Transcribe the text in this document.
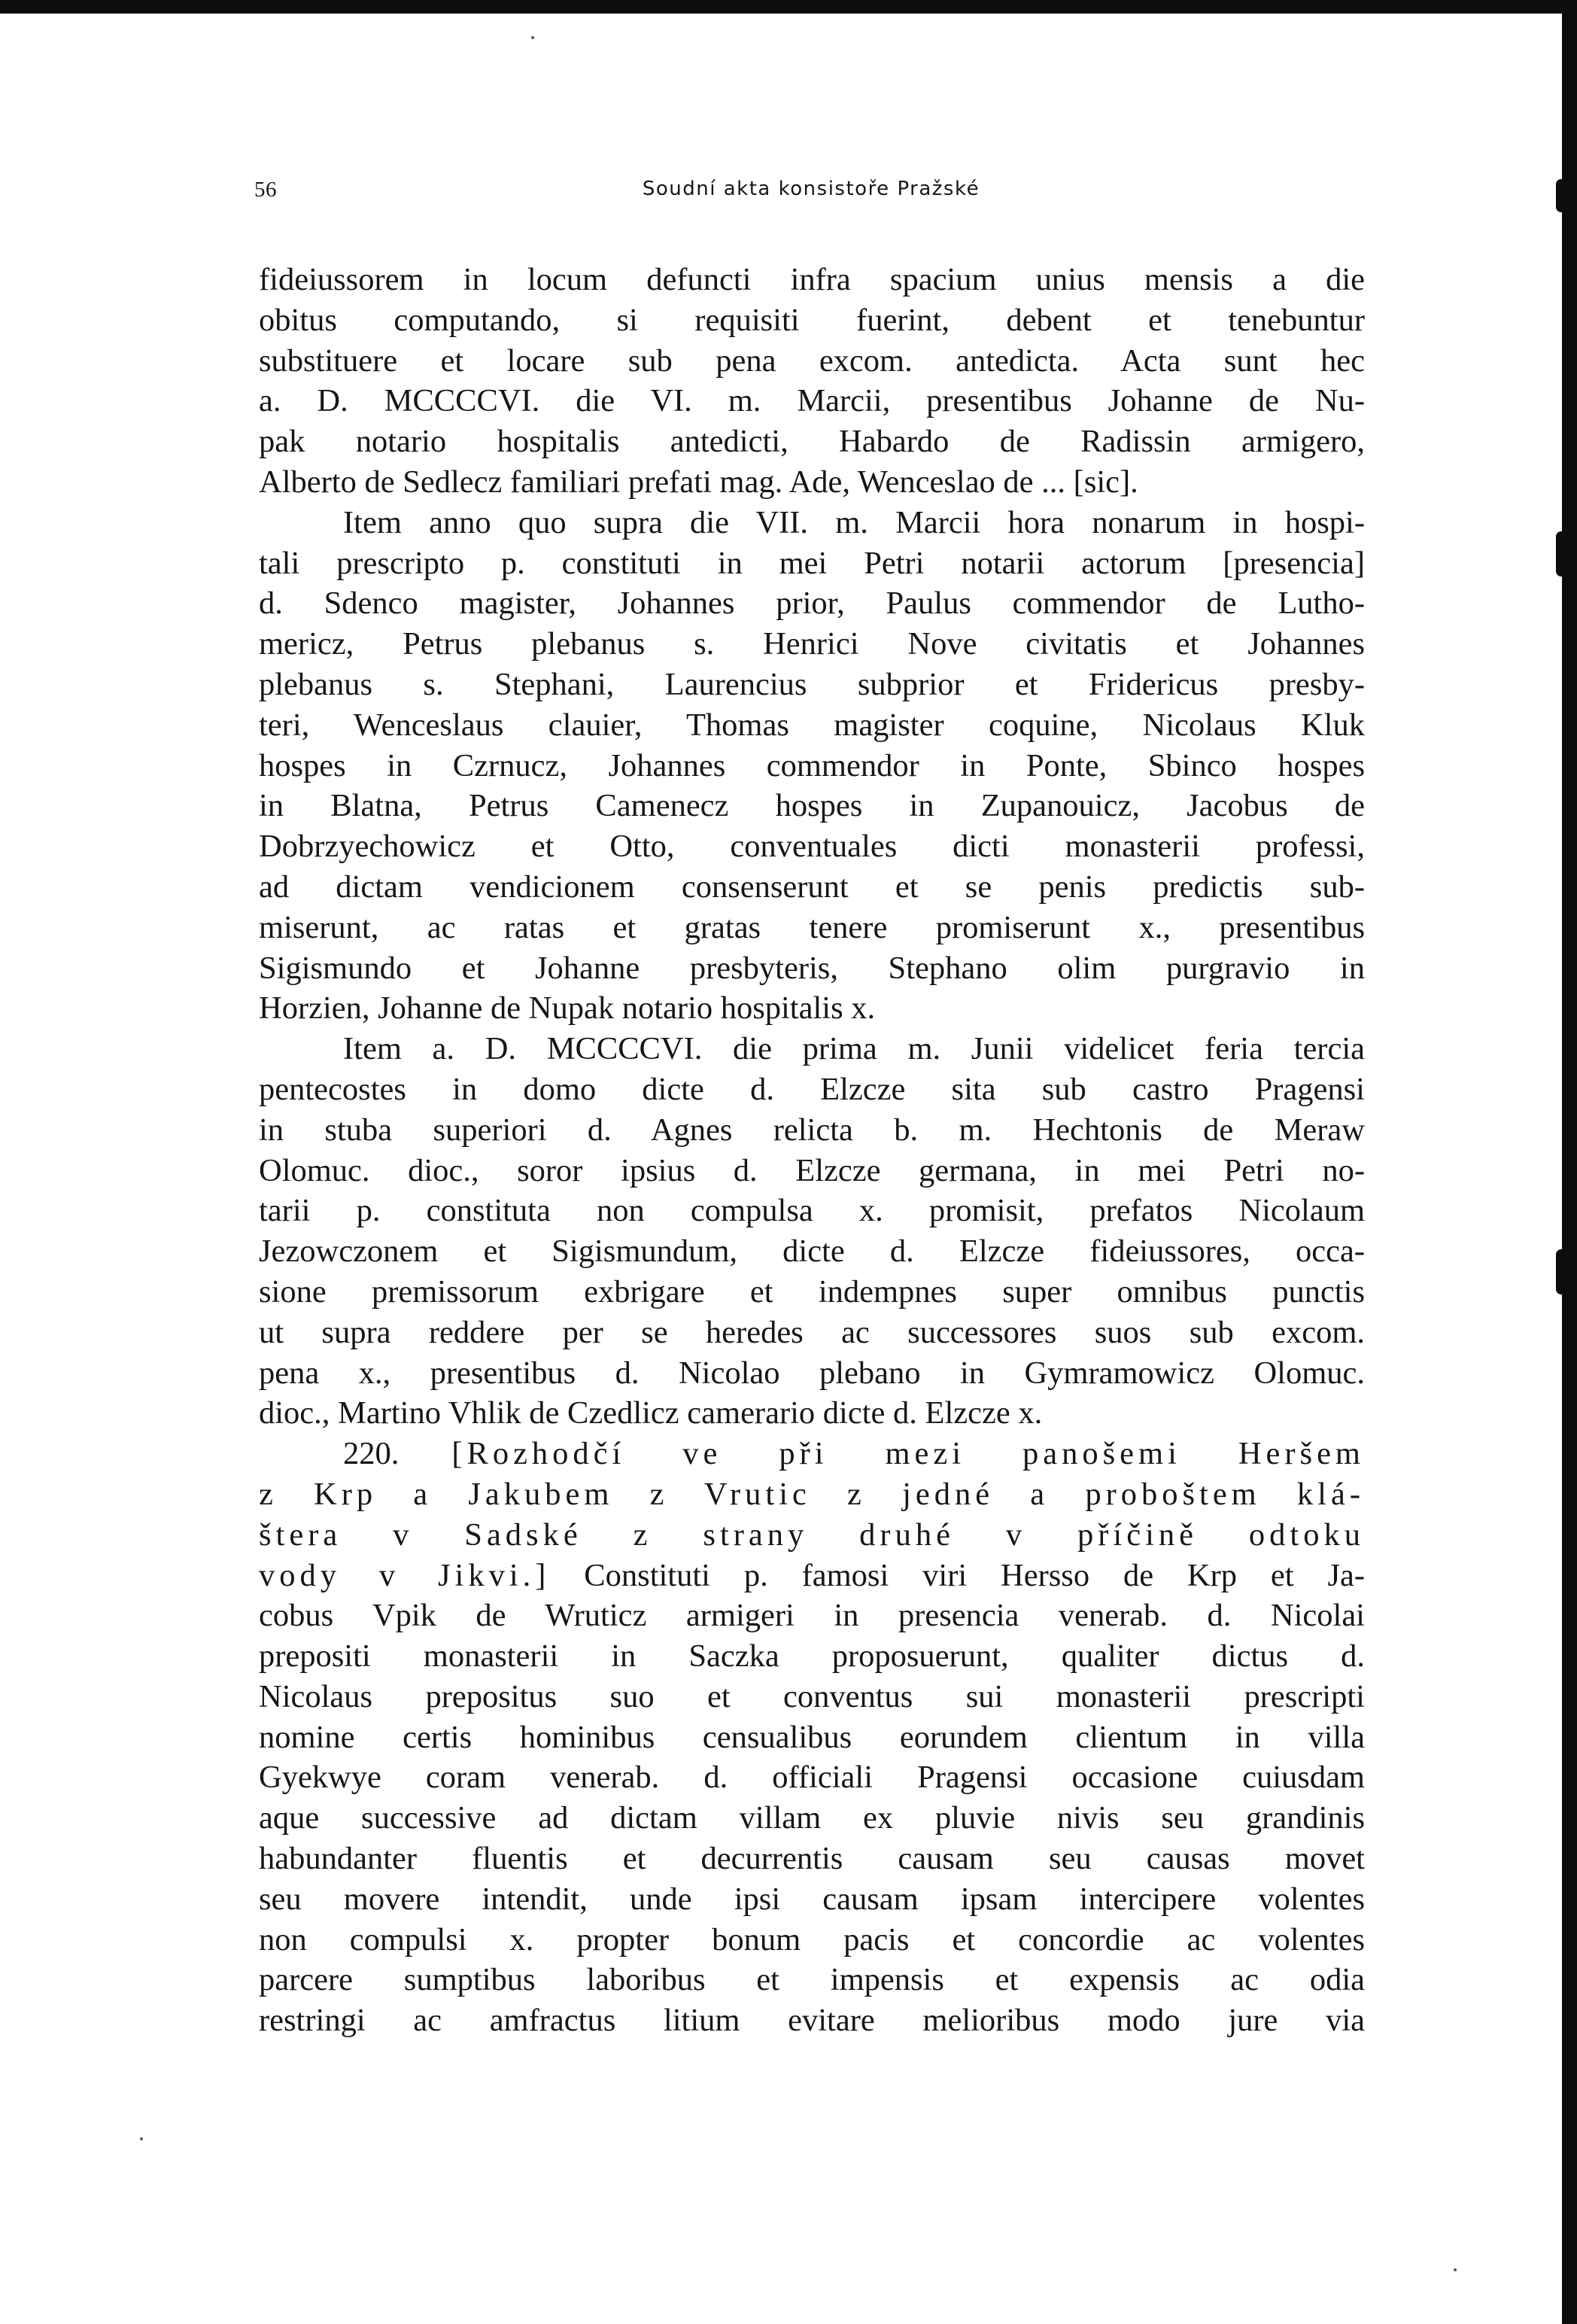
56	Soudní akta konsistoře Pražské
fideiussorem in locum defuncti infra spacium unius mensis a die
obitus computando, si requisiti fuerint, debent et tenebuntur
substituere et locare sub pena excom. antedicta. Acta sunt hec
a. D. MCCCCVI. die VI. m. Marcii, presentibus Johanne de Nu-
pak notario hospitalis antedicti, Habardo de Radissin armigero,
Alberto de Sedlecz familiari prefati mag. Ade, Wenceslao de ... [sic].
Item anno quo supra die VII. m. Marcii hora nonarum in hospi-
tali prescripto p. constituti in mei Petri notarii actorum [presencia]
d. Sdenco magister, Johannes prior, Paulus commendor de Lutho-
mericz, Petrus plebanus s. Henrici Nove civitatis et Johannes
plebanus s. Stephani, Laurencius subprior et Fridericus presby-
teri, Wenceslaus clauier, Thomas magister coquine, Nicolaus Kluk
hospes in Czrnucz, Johannes commendor in Ponte, Sbinco hospes
in Blatna, Petrus Camenecz hospes in Zupanouicz, Jacobus de
Dobrzyechowicz et Otto, conventuales dicti monasterii professi,
ad dictam vendicionem consenserunt et se penis predictis sub-
miserunt, ac ratas et gratas tenere promiserunt x., presentibus
Sigismundo et Johanne presbyteris, Stephano olim purgravio in
Horzien, Johanne de Nupak notario hospitalis x.
Item a. D. MCCCCVI. die prima m. Junii videlicet feria tercia
pentecostes in domo dicte d. Elzcze sita sub castro Pragensi
in stuba superiori d. Agnes relicta b. m. Hechtonis de Meraw
Olomuc. dioc., soror ipsius d. Elzcze germana, in mei Petri no-
tarii p. constituta non compulsa x. promisit, prefatos Nicolaum
Jezowczonem et Sigismundum, dicte d. Elzcze fideiussores, occa-
sione premissorum exbrigare et indempnes super omnibus punctis
ut supra reddere per se heredes ac successores suos sub excom.
pena x., presentibus d. Nicolao plebano in Gymramowicz Olomuc.
dioc., Martino Vhlik de Czedlicz camerario dicte d. Elzcze x.
220. [Rozhodčí ve při mezi panošemi Heršem
z Krp a Jakubem z Vrutic z jedné a proboštem klá-
štera v Sadské z strany druhé v příčině odtoku
vody v Jikvi.] Constituti p. famosi viri Hersso de Krp et Ja-
cobus Vpik de Wruticz armigeri in presencia venerab. d. Nicolai
prepositi monasterii in Saczka proposuerunt, qualiter dictus d.
Nicolaus prepositus suo et conventus sui monasterii prescripti
nomine certis hominibus censualibus eorundem clientum in villa
Gyekwye coram venerab. d. officiali Pragensi occasione cuiusdam
aque successive ad dictam villam ex pluvie nivis seu grandinis
habundanter fluentis et decurrentis causam seu causas movet
seu movere intendit, unde ipsi causam ipsam intercipere volentes
non compulsi x. propter bonum pacis et concordie ac volentes
parcere sumptibus laboribus et impensis et expensis ac odia
restringi ac amfractus litium evitare melioribus modo jure via
